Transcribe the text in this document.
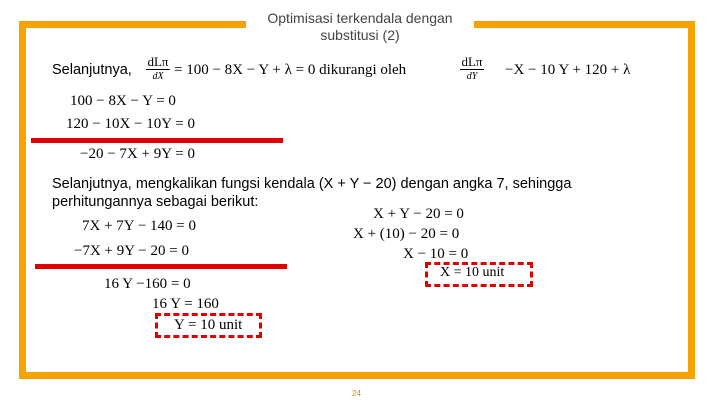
Optimisasi terkendala dengan substitusi (2)
Selanjutnya,
dLπ
dX = 100 − 8X − Y + λ = 0 dikurangi oleh
dLπ
dY	−X − 10 Y + 120 + λ
100 − 8X − Y = 0
120 − 10X − 10Y = 0
−20 − 7X + 9Y = 0
Selanjutnya, mengkalikan fungsi kendala (X + Y − 20) dengan angka 7, sehingga
perhitungannya sebagai berikut:
7X + 7Y − 140 = 0
−7X + 9Y − 20 = 0
16 Y −160 = 0
16 Y = 160
Y = 10 unit
X + Y − 20 = 0
X + (10) − 20 = 0
X − 10 = 0
X = 10 unit
24
